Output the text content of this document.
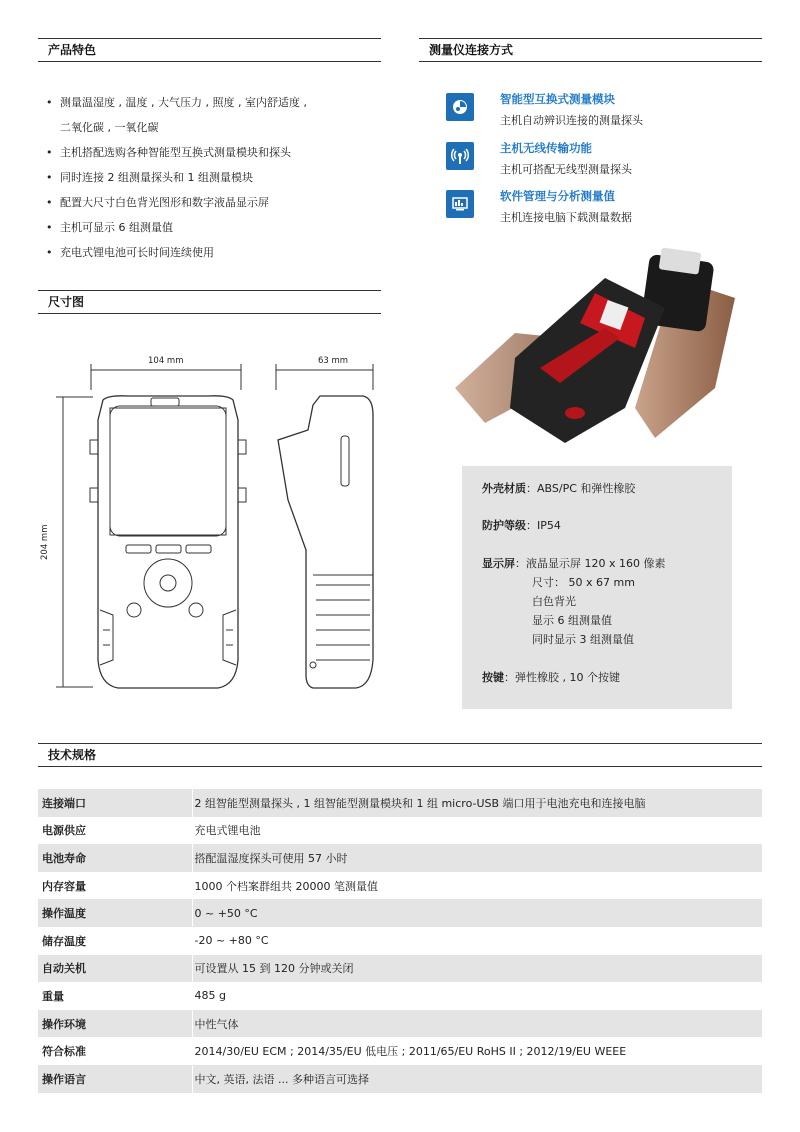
产品特色	测量仪连接方式
尺寸图
技术规格
• 测量温湿度 , 温度 , 大气压力 , 照度 , 室内舒适度 ,
二氧化碳 , 一氧化碳
• 主机搭配选购各种智能型互换式测量模块和探头
• 同时连接 2 组测量探头和 1 组测量模块
• 配置大尺寸白色背光图形和数字液晶显示屏
• 主机可显示 6 组测量值
• 充电式锂电池可长时间连续使用
智能型互换式测量模块
主机自动辨识连接的测量探头
主机无线传输功能
主机可搭配无线型测量探头
软件管理与分析测量值
主机连接电脑下载测量数据
外壳材质：ABS/PC 和弹性橡胶
防护等级：IP54
显示屏：液晶显示屏 120 x 160 像素
尺寸： 50 x 67 mm
白色背光
显示 6 组测量值
同时显示 3 组测量值
按键：弹性橡胶 , 10 个按键
104 mm	63 mm
204 mm
连接端口	2 组智能型测量探头 , 1 组智能型测量模块和 1 组 micro-USB 端口用于电池充电和连接电脑
电源供应	充电式锂电池
电池寿命	搭配温湿度探头可使用 57 小时
内存容量	1000 个档案群组共 20000 笔测量值
操作温度	0 ~ +50 °C
储存温度	-20 ~ +80 °C
自动关机	可设置从 15 到 120 分钟或关闭
重量	485 g
操作环境	中性气体
符合标准	2014/30/EU ECM ; 2014/35/EU 低电压 ; 2011/65/EU RoHS II ; 2012/19/EU WEEE
操作语言	中文, 英语, 法语 ... 多种语言可选择
